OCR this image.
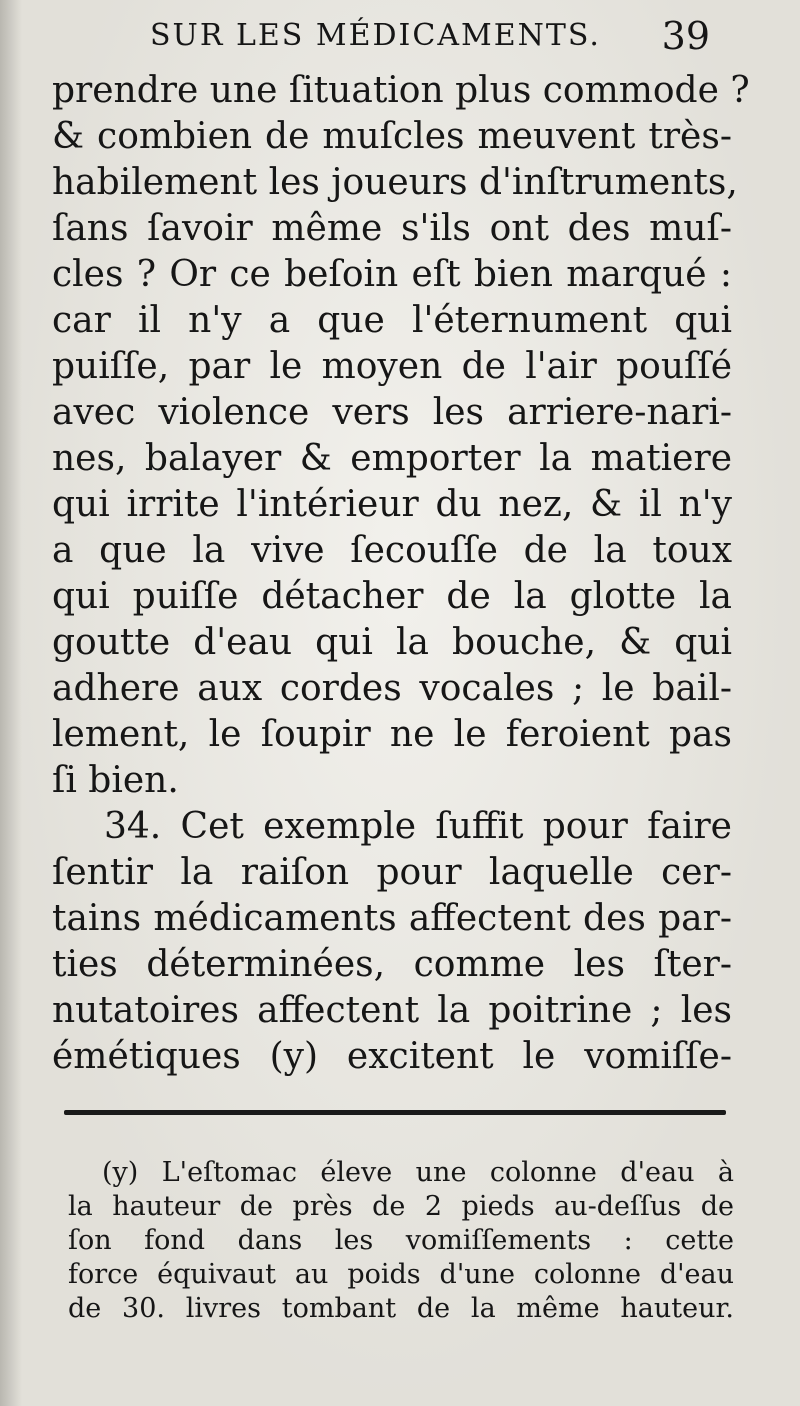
SUR LES MÉDICAMENTS. 39
prendre une ſituation plus commode ?
& combien de muſcles meuvent très-
habilement les joueurs d'inſtruments,
ſans ſavoir même s'ils ont des muſ-
cles ? Or ce beſoin eſt bien marqué :
car il n'y a que l'éternument qui
puiſſe, par le moyen de l'air pouſſé
avec violence vers les arriere-nari-
nes, balayer & emporter la matiere
qui irrite l'intérieur du nez, & il n'y
a que la vive ſecouſſe de la toux
qui puiſſe détacher de la glotte la
goutte d'eau qui la bouche, & qui
adhere aux cordes vocales ; le bail-
lement, le ſoupir ne le feroient pas
ſi bien.
34. Cet exemple ſuffit pour faire
ſentir la raiſon pour laquelle cer-
tains médicaments affectent des par-
ties déterminées, comme les ſter-
nutatoires affectent la poitrine ; les
émétiques (y) excitent le vomiſſe-
(y) L'eſtomac éleve une colonne d'eau à
la hauteur de près de 2 pieds au-deſſus de
ſon fond dans les vomiſſements : cette
force équivaut au poids d'une colonne d'eau
de 30. livres tombant de la même hauteur.
